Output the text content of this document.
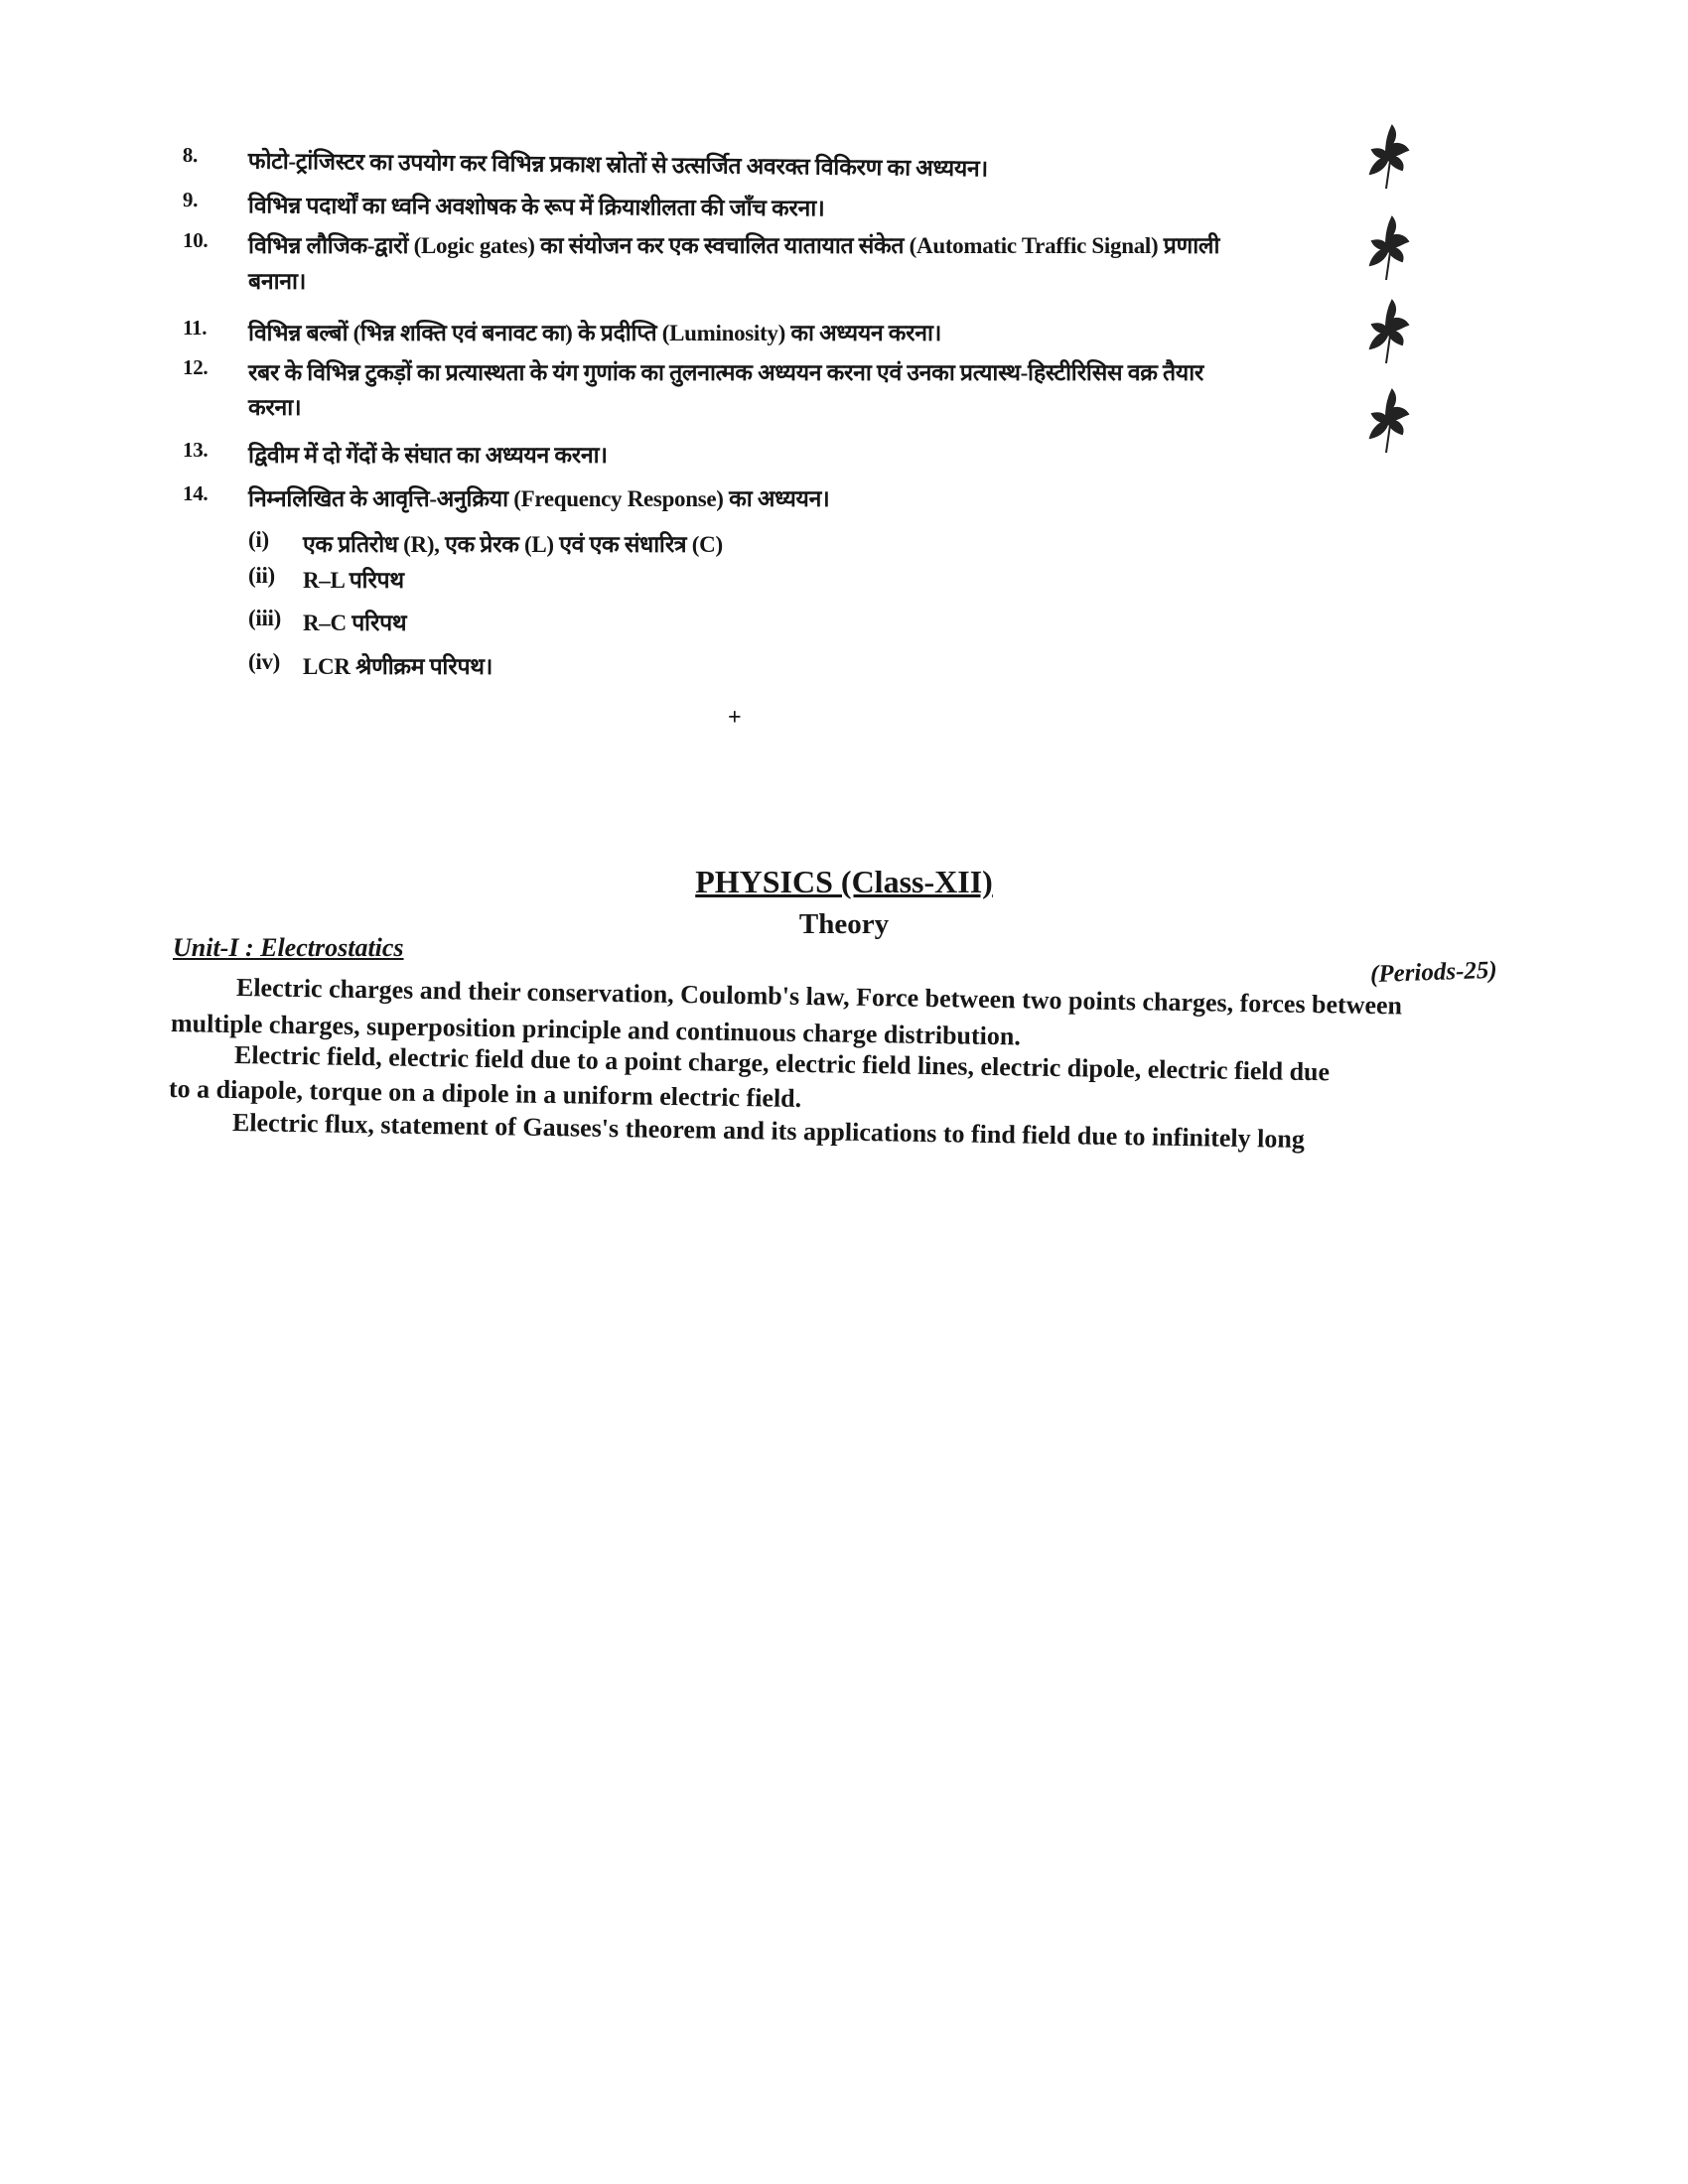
8. फोटो-ट्रांजिस्टर का उपयोग कर विभिन्न प्रकाश स्रोतों से उत्सर्जित अवरक्त विकिरण का अध्ययन।
9. विभिन्न पदार्थों का ध्वनि अवशोषक के रूप में क्रियाशीलता की जाँच करना।
10. विभिन्न लौजिक-द्वारों (Logic gates) का संयोजन कर एक स्वचालित यातायात संकेत (Automatic Traffic Signal) प्रणाली
बनाना।
11. विभिन्न बल्बों (भिन्न शक्ति एवं बनावट का) के प्रदीप्ति (Luminosity) का अध्ययन करना।
12. रबर के विभिन्न टुकड़ों का प्रत्यास्थता के यंग गुणांक का तुलनात्मक अध्ययन करना एवं उनका प्रत्यास्थ-हिस्टीरिसिस वक्र तैयार
करना।
13. द्विवीम में दो गेंदों के संघात का अध्ययन करना।
14. निम्नलिखित के आवृत्ति-अनुक्रिया (Frequency Response) का अध्ययन।
(i) एक प्रतिरोध (R), एक प्रेरक (L) एवं एक संधारित्र (C)
(ii) R–L परिपथ
(iii) R–C परिपथ
(iv) LCR श्रेणीक्रम परिपथ।
+
PHYSICS (Class-XII)
Theory
Unit-I : Electrostatics
(Periods-25)
Electric charges and their conservation, Coulomb's law, Force between two points charges, forces between
multiple charges, superposition principle and continuous charge distribution.
Electric field, electric field due to a point charge, electric field lines, electric dipole, electric field due
to a diapole, torque on a dipole in a uniform electric field.
Electric flux, statement of Gauses's theorem and its applications to find field due to infinitely long
